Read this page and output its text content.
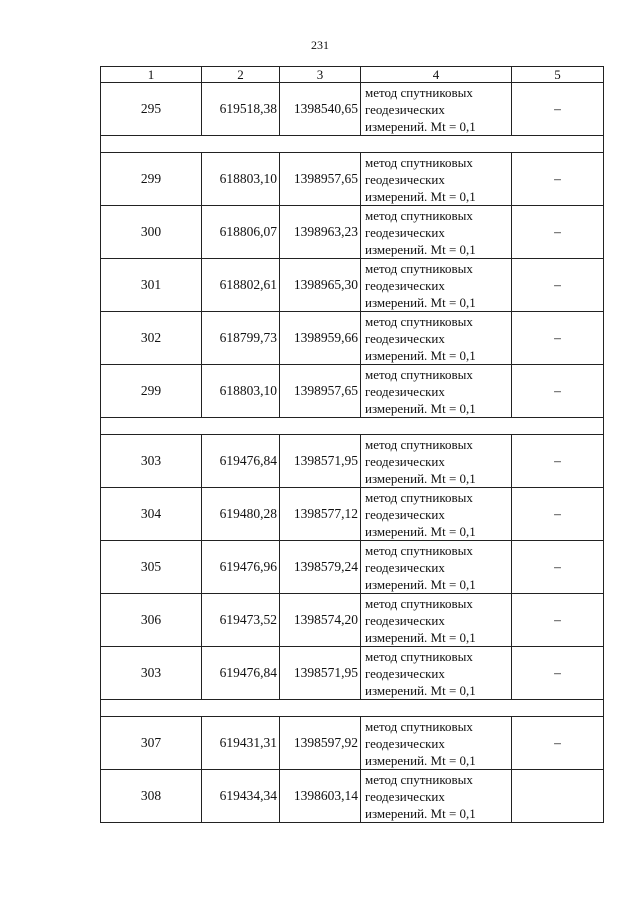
231
1	2	3	4	5
295	619518,38	1398540,65	метод спутниковых
геодезических
измерений. Mt = 0,1	–

299	618803,10	1398957,65	метод спутниковых
геодезических
измерений. Mt = 0,1	–
300	618806,07	1398963,23	метод спутниковых
геодезических
измерений. Mt = 0,1	–
301	618802,61	1398965,30	метод спутниковых
геодезических
измерений. Mt = 0,1	–
302	618799,73	1398959,66	метод спутниковых
геодезических
измерений. Mt = 0,1	–
299	618803,10	1398957,65	метод спутниковых
геодезических
измерений. Mt = 0,1	–

303	619476,84	1398571,95	метод спутниковых
геодезических
измерений. Mt = 0,1	–
304	619480,28	1398577,12	метод спутниковых
геодезических
измерений. Mt = 0,1	–
305	619476,96	1398579,24	метод спутниковых
геодезических
измерений. Mt = 0,1	–
306	619473,52	1398574,20	метод спутниковых
геодезических
измерений. Mt = 0,1	–
303	619476,84	1398571,95	метод спутниковых
геодезических
измерений. Mt = 0,1	–

307	619431,31	1398597,92	метод спутниковых
геодезических
измерений. Mt = 0,1	–
308	619434,34	1398603,14	метод спутниковых
геодезических
измерений. Mt = 0,1	
